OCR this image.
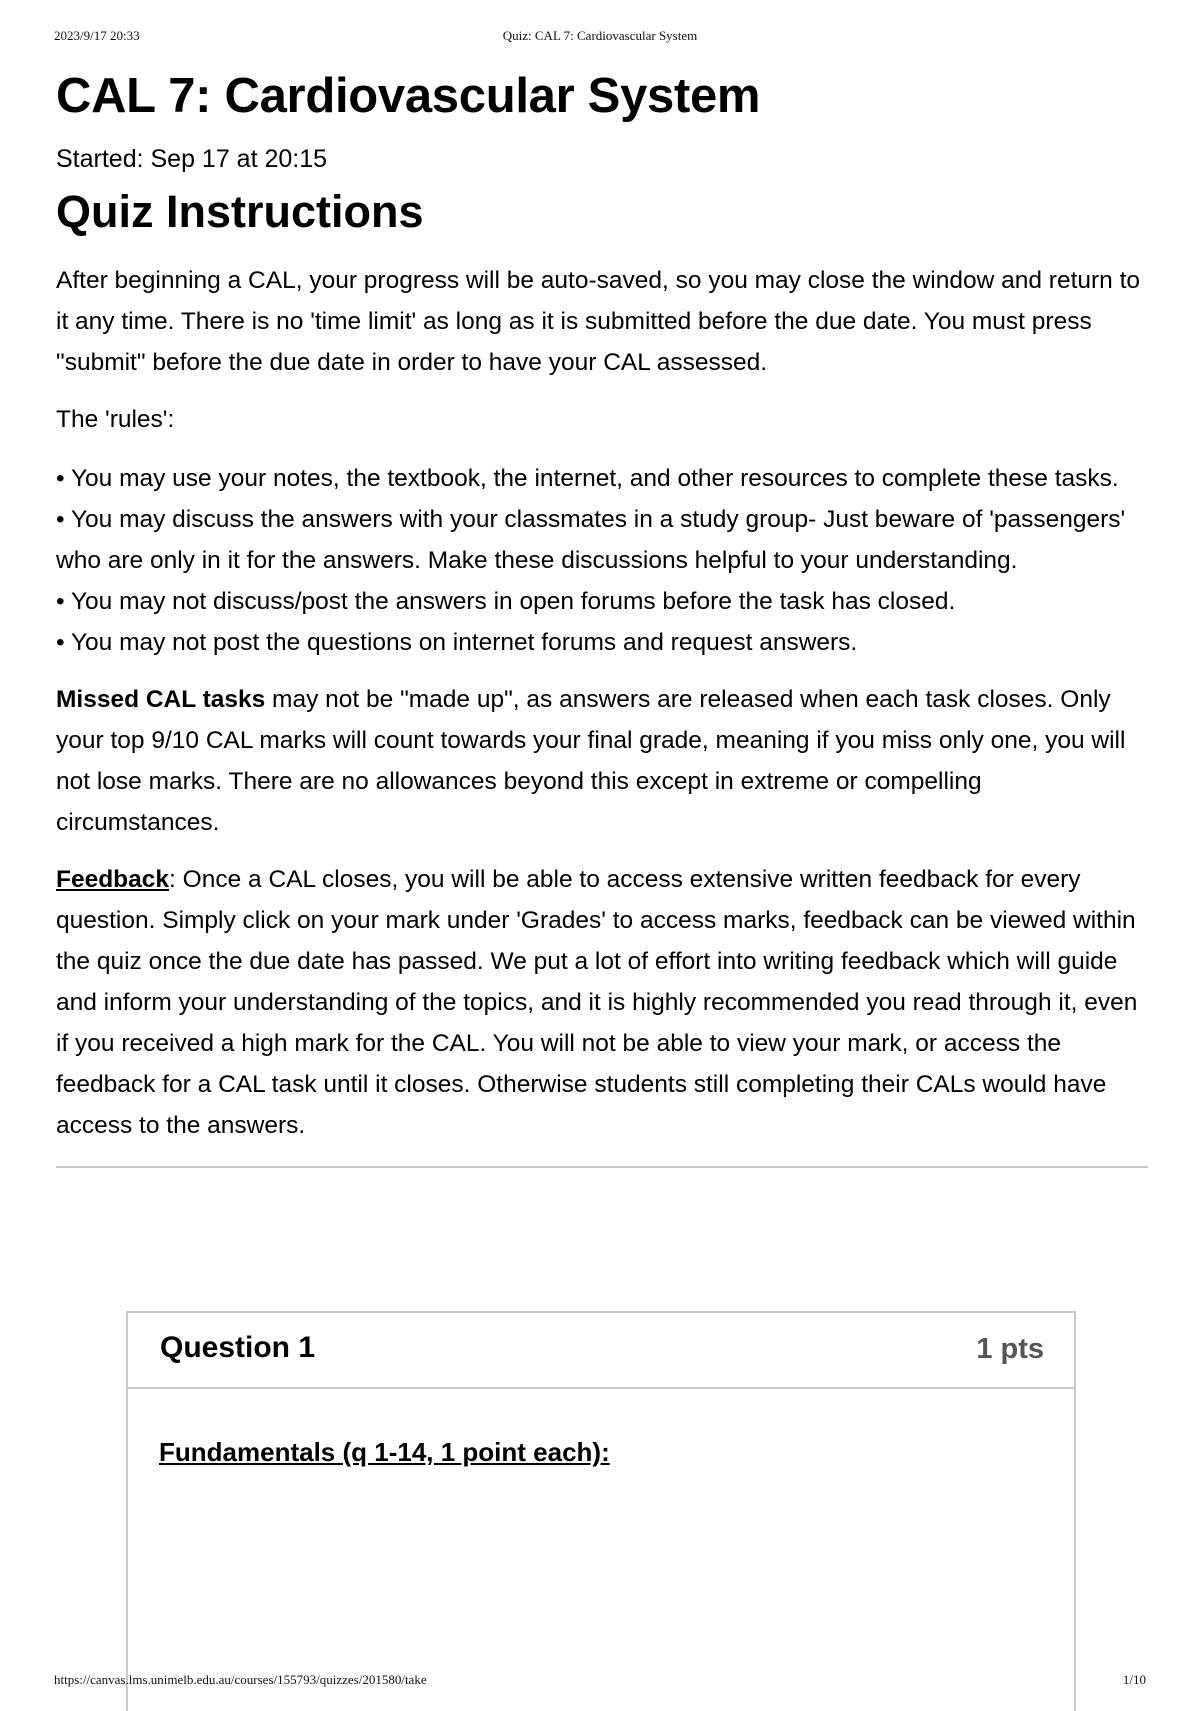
2023/9/17 20:33	Quiz: CAL 7: Cardiovascular System
CAL 7: Cardiovascular System
Started: Sep 17 at 20:15
Quiz Instructions

After beginning a CAL, your progress will be auto-saved, so you may close the window and return to it any time. There is no 'time limit' as long as it is submitted before the due date. You must press "submit" before the due date in order to have your CAL assessed.

The 'rules':

• You may use your notes, the textbook, the internet, and other resources to complete these tasks.
• You may discuss the answers with your classmates in a study group- Just beware of 'passengers' who are only in it for the answers. Make these discussions helpful to your understanding.
• You may not discuss/post the answers in open forums before the task has closed.
• You may not post the questions on internet forums and request answers.

Missed CAL tasks may not be "made up", as answers are released when each task closes. Only your top 9/10 CAL marks will count towards your final grade, meaning if you miss only one, you will not lose marks. There are no allowances beyond this except in extreme or compelling circumstances.

Feedback: Once a CAL closes, you will be able to access extensive written feedback for every question. Simply click on your mark under 'Grades' to access marks, feedback can be viewed within the quiz once the due date has passed. We put a lot of effort into writing feedback which will guide and inform your understanding of the topics, and it is highly recommended you read through it, even if you received a high mark for the CAL. You will not be able to view your mark, or access the feedback for a CAL task until it closes. Otherwise students still completing their CALs would have access to the answers.

Question 1	1 pts
Fundamentals (q 1-14, 1 point each):
https://canvas.lms.unimelb.edu.au/courses/155793/quizzes/201580/take	1/10
